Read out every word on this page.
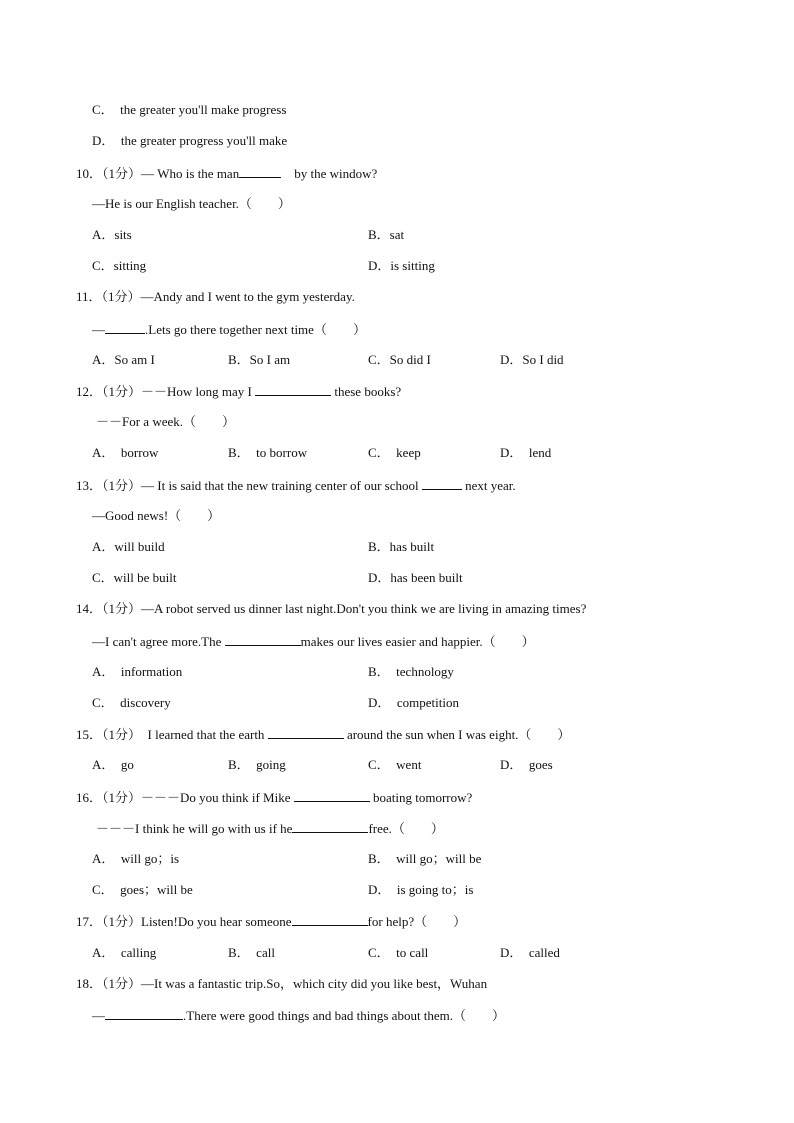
C．  the greater you'll make progress
D．  the greater progress you'll make
10．（1分）— Who is the man	by the window?
—He is our English teacher.（        ）
A．sits	B．sat
C．sitting	D．is sitting
11．（1分）—Andy and I went to the gym yesterday.
—	.Lets go there together next time（        ）
A．So am I	B．So I am	C．So did I	D．So I did
12．（1分）－－How long may I	these books?
－－For a week.（        ）
A．  borrow	B．  to borrow	C．  keep	D．  lend
13．（1分）— It is said that the new training center of our school	next year.
—Good news!（        ）
A．will build	B．has built
C．will be built	D．has been built
14．（1分）—A robot served us dinner last night.Don't you think we are living in amazing times?
—I can't agree more.The	makes our lives easier and happier.（        ）
A．  information	B．  technology
C．  discovery	D．  competition
15．（1分）  I learned that the earth	around the sun when I was eight.（        ）
A．  go	B．  going	C．  went	D．  goes
16．（1分）－－－Do you think if Mike	boating tomorrow?
－－－I think he will go with us if he	free.（        ）
A．  will go；is	B．  will go；will be
C．  goes；will be	D．  is going to；is
17．（1分）Listen!Do you hear someone	for help?（        ）
A．  calling	B．  call	C．  to call	D．  called
18．（1分）—It was a fantastic trip.So，which city did you like best，Wuhan
—	.There were good things and bad things about them.（        ）
